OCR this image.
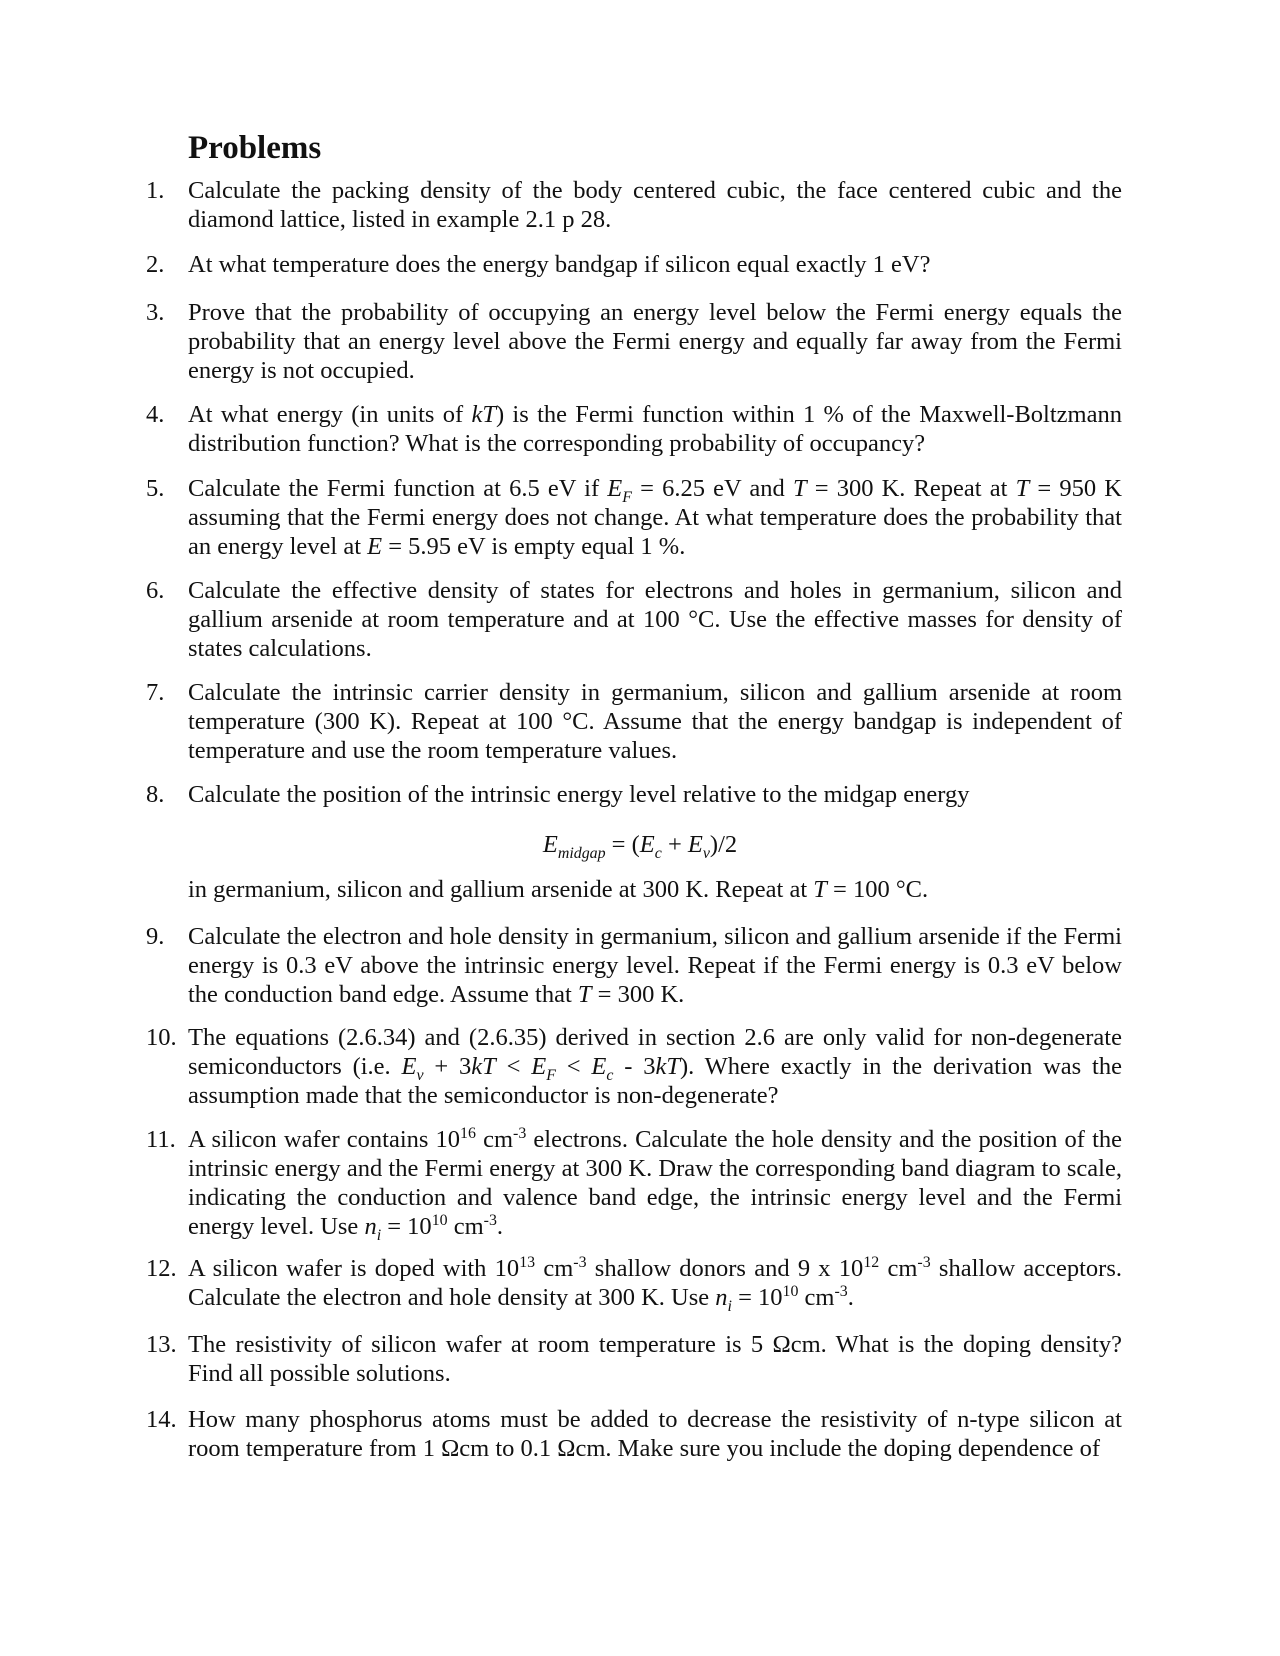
Problems
1. Calculate the packing density of the body centered cubic, the face centered cubic and the diamond lattice, listed in example 2.1 p 28.
2. At what temperature does the energy bandgap if silicon equal exactly 1 eV?
3. Prove that the probability of occupying an energy level below the Fermi energy equals the probability that an energy level above the Fermi energy and equally far away from the Fermi energy is not occupied.
4. At what energy (in units of kT) is the Fermi function within 1 % of the Maxwell-Boltzmann distribution function? What is the corresponding probability of occupancy?
5. Calculate the Fermi function at 6.5 eV if $E_F = 6.25$ eV and T = 300 K. Repeat at T = 950 K assuming that the Fermi energy does not change. At what temperature does the probability that an energy level at E = 5.95 eV is empty equal 1 %.
6. Calculate the effective density of states for electrons and holes in germanium, silicon and gallium arsenide at room temperature and at 100 °C. Use the effective masses for density of states calculations.
7. Calculate the intrinsic carrier density in germanium, silicon and gallium arsenide at room temperature (300 K). Repeat at 100 °C. Assume that the energy bandgap is independent of temperature and use the room temperature values.
8. Calculate the position of the intrinsic energy level relative to the midgap energy
$E_{midgap} = (E_c + E_v)/2$
in germanium, silicon and gallium arsenide at 300 K. Repeat at T = 100 °C.
9. Calculate the electron and hole density in germanium, silicon and gallium arsenide if the Fermi energy is 0.3 eV above the intrinsic energy level. Repeat if the Fermi energy is 0.3 eV below the conduction band edge. Assume that T = 300 K.
10. The equations (2.6.34) and (2.6.35) derived in section 2.6 are only valid for non-degenerate semiconductors (i.e. $E_v + 3kT < E_F < E_c - 3kT$). Where exactly in the derivation was the assumption made that the semiconductor is non-degenerate?
11. A silicon wafer contains $10^{16}$ $cm^{-3}$ electrons. Calculate the hole density and the position of the intrinsic energy and the Fermi energy at 300 K. Draw the corresponding band diagram to scale, indicating the conduction and valence band edge, the intrinsic energy level and the Fermi energy level. Use $n_i = 10^{10}$ $cm^{-3}$.
12. A silicon wafer is doped with $10^{13}$ $cm^{-3}$ shallow donors and 9 x $10^{12}$ $cm^{-3}$ shallow acceptors. Calculate the electron and hole density at 300 K. Use $n_i = 10^{10}$ $cm^{-3}$.
13. The resistivity of silicon wafer at room temperature is 5 Ωcm. What is the doping density? Find all possible solutions.
14. How many phosphorus atoms must be added to decrease the resistivity of n-type silicon at room temperature from 1 Ωcm to 0.1 Ωcm. Make sure you include the doping dependence of
